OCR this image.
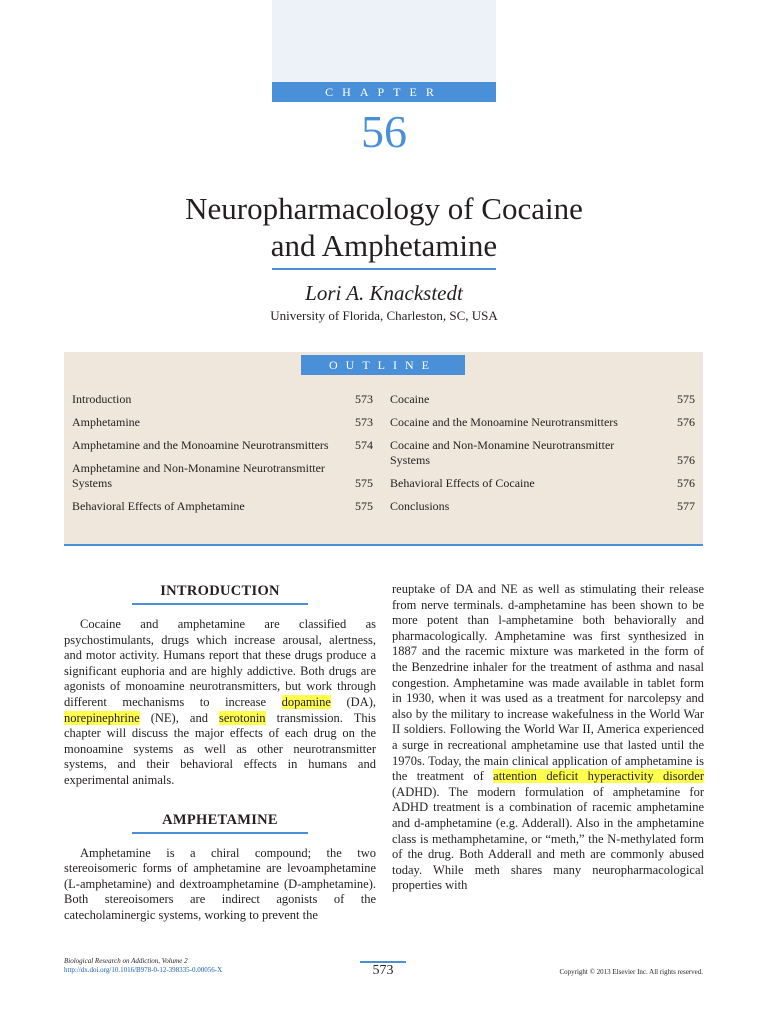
CHAPTER
56
Neuropharmacology of Cocaine
and Amphetamine
Lori A. Knackstedt
University of Florida, Charleston, SC, USA
OUTLINE
Introduction	573
Amphetamine	573
Amphetamine and the Monoamine Neurotransmitters	574
Amphetamine and Non-Monamine Neurotransmitter Systems	575
Behavioral Effects of Amphetamine	575
Cocaine	575
Cocaine and the Monoamine Neurotransmitters	576
Cocaine and Non-Monamine Neurotransmitter Systems	576
Behavioral Effects of Cocaine	576
Conclusions	577
INTRODUCTION

Cocaine and amphetamine are classified as psychostimulants, drugs which increase arousal, alertness, and motor activity. Humans report that these drugs produce a significant euphoria and are highly addictive. Both drugs are agonists of monoamine neurotransmitters, but work through different mechanisms to increase dopamine (DA), norepinephrine (NE), and serotonin transmission. This chapter will discuss the major effects of each drug on the monoamine systems as well as other neurotransmitter systems, and their behavioral effects in humans and experimental animals.

AMPHETAMINE

Amphetamine is a chiral compound; the two stereoisomeric forms of amphetamine are levoamphetamine (L-amphetamine) and dextroamphetamine (D-amphetamine). Both stereoisomers are indirect agonists of the catecholaminergic systems, working to prevent the

reuptake of DA and NE as well as stimulating their release from nerve terminals. d-amphetamine has been shown to be more potent than l-amphetamine both behaviorally and pharmacologically. Amphetamine was first synthesized in 1887 and the racemic mixture was marketed in the form of the Benzedrine inhaler for the treatment of asthma and nasal congestion. Amphetamine was made available in tablet form in 1930, when it was used as a treatment for narcolepsy and also by the military to increase wakefulness in the World War II soldiers. Following the World War II, America experienced a surge in recreational amphetamine use that lasted until the 1970s. Today, the main clinical application of amphetamine is the treatment of attention deficit hyperactivity disorder (ADHD). The modern formulation of amphetamine for ADHD treatment is a combination of racemic amphetamine and d-amphetamine (e.g. Adderall). Also in the amphetamine class is methamphetamine, or “meth,” the N-methylated form of the drug. Both Adderall and meth are commonly abused today. While meth shares many neuropharmacological properties with

Biological Research on Addiction, Volume 2
http://dx.doi.org/10.1016/B978-0-12-398335-0.00056-X	573	Copyright © 2013 Elsevier Inc. All rights reserved.
